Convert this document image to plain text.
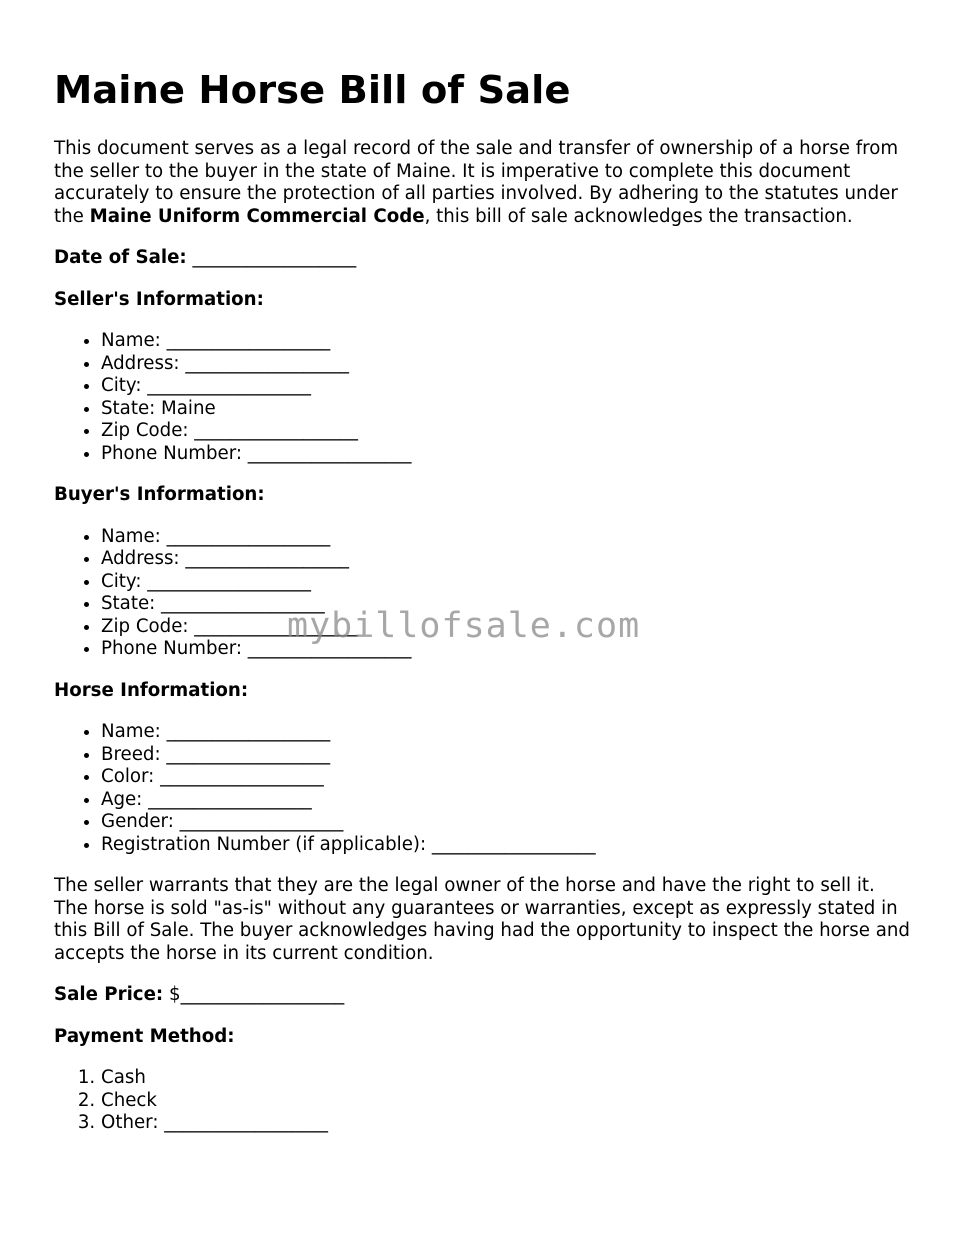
Maine Horse Bill of Sale

This document serves as a legal record of the sale and transfer of ownership of a horse from the seller to the buyer in the state of Maine. It is imperative to complete this document accurately to ensure the protection of all parties involved. By adhering to the statutes under the Maine Uniform Commercial Code, this bill of sale acknowledges the transaction.

Date of Sale: __________________

Seller's Information:

• Name: __________________
• Address: __________________
• City: __________________
• State: Maine
• Zip Code: __________________
• Phone Number: __________________

Buyer's Information:

• Name: __________________
• Address: __________________
• City: __________________
• State: __________________
• Zip Code: __________________
• Phone Number: __________________

Horse Information:

• Name: __________________
• Breed: __________________
• Color: __________________
• Age: __________________
• Gender: __________________
• Registration Number (if applicable): __________________

The seller warrants that they are the legal owner of the horse and have the right to sell it. The horse is sold "as-is" without any guarantees or warranties, except as expressly stated in this Bill of Sale. The buyer acknowledges having had the opportunity to inspect the horse and accepts the horse in its current condition.

Sale Price: $__________________

Payment Method:

1. Cash
2. Check
3. Other: __________________
mybillofsale.com
